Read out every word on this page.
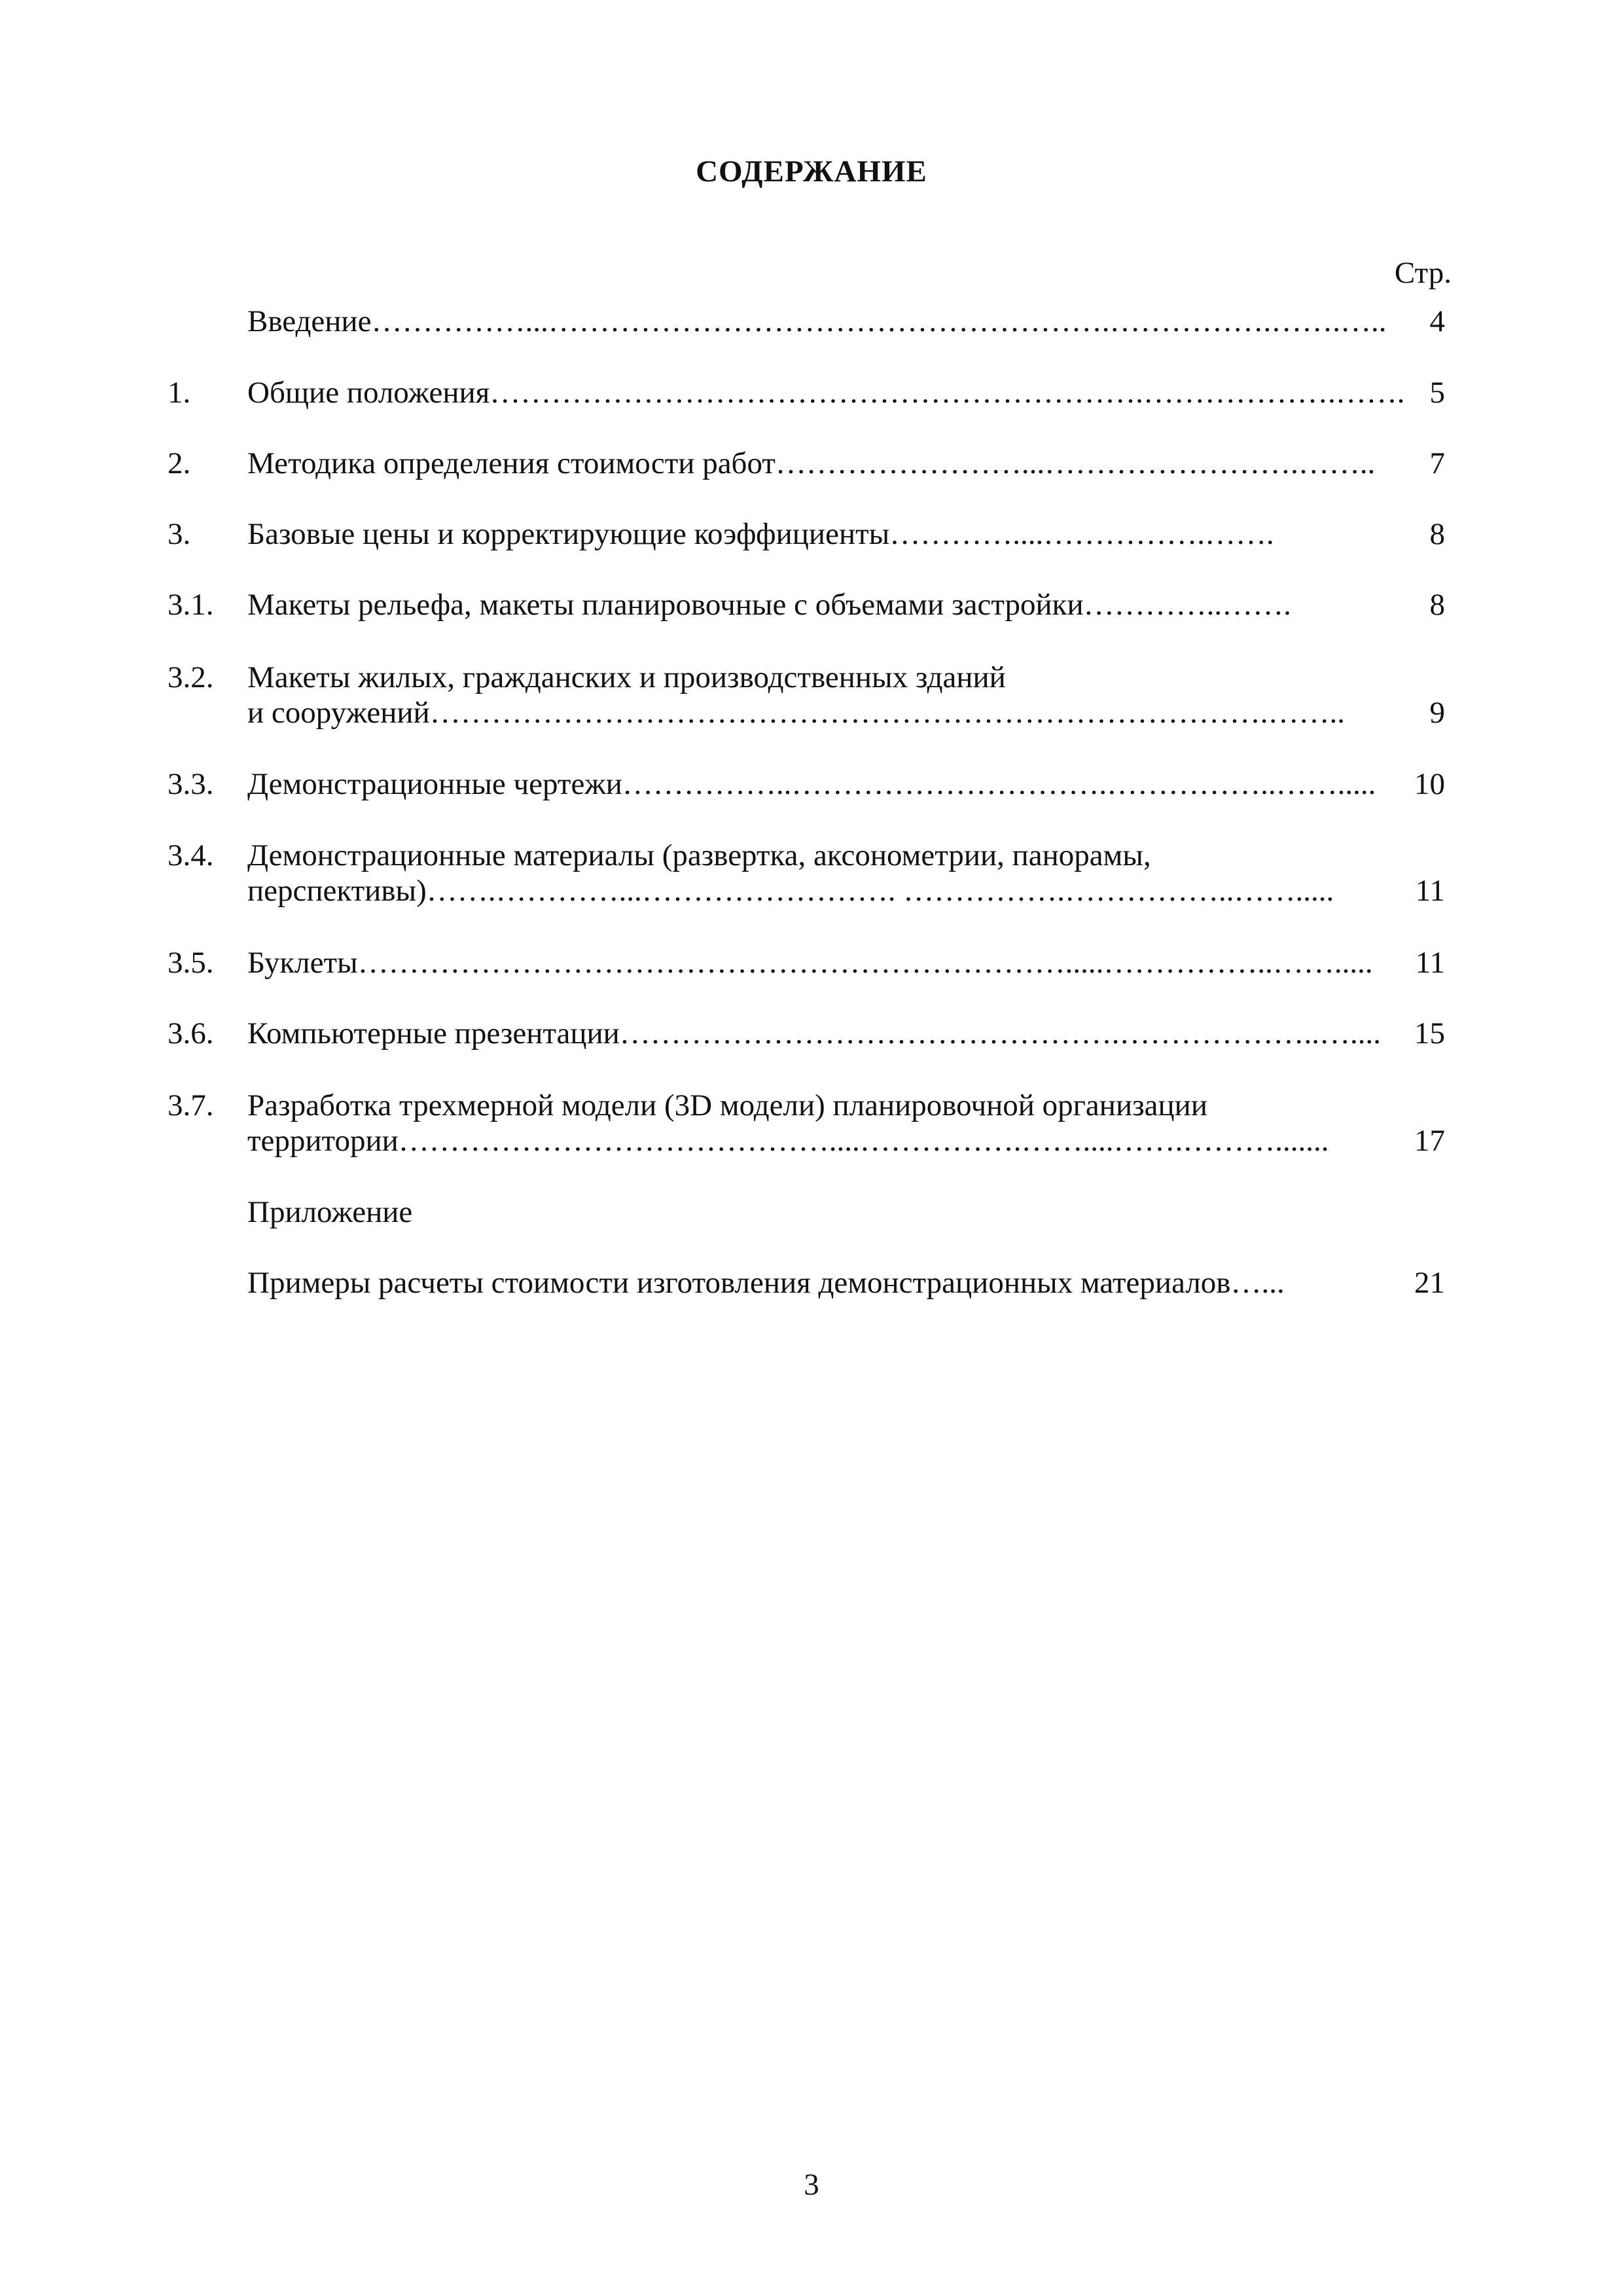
СОДЕРЖАНИЕ
Стр.
Введение……………...……………………………………………….…………….…….…..	4
1. Общие положения……………………………………………………….……………….……. 5
2. Методика определения стоимости работ……………………...…………………….……..	7
3. Базовые цены и корректирующие коэффициенты…………....…………….…….	8
3.1. Макеты рельефа, макеты планировочные с объемами застройки…………..…….	8
3.2. Макеты жилых, гражданских и производственных зданий
и сооружений……………………………………………………………………….……..	9
3.3. Демонстрационные чертежи……………..………………………….……………..…….....	10
3.4. Демонстрационные материалы (развертка, аксонометрии, панорамы,
перспективы)…….…………...……………………. …………….……………..…….....	11
3.5. Буклеты…………………………………………………………….....……………..…….....	11
3.6. Компьютерные презентации………………………………………….………………..…....	15
3.7. Разработка трехмерной модели (3D модели) планировочной организации
территории……………………………………....…………….……....…….……….......	17
Приложение
Примеры расчеты стоимости изготовления демонстрационных материалов…...	21
3
